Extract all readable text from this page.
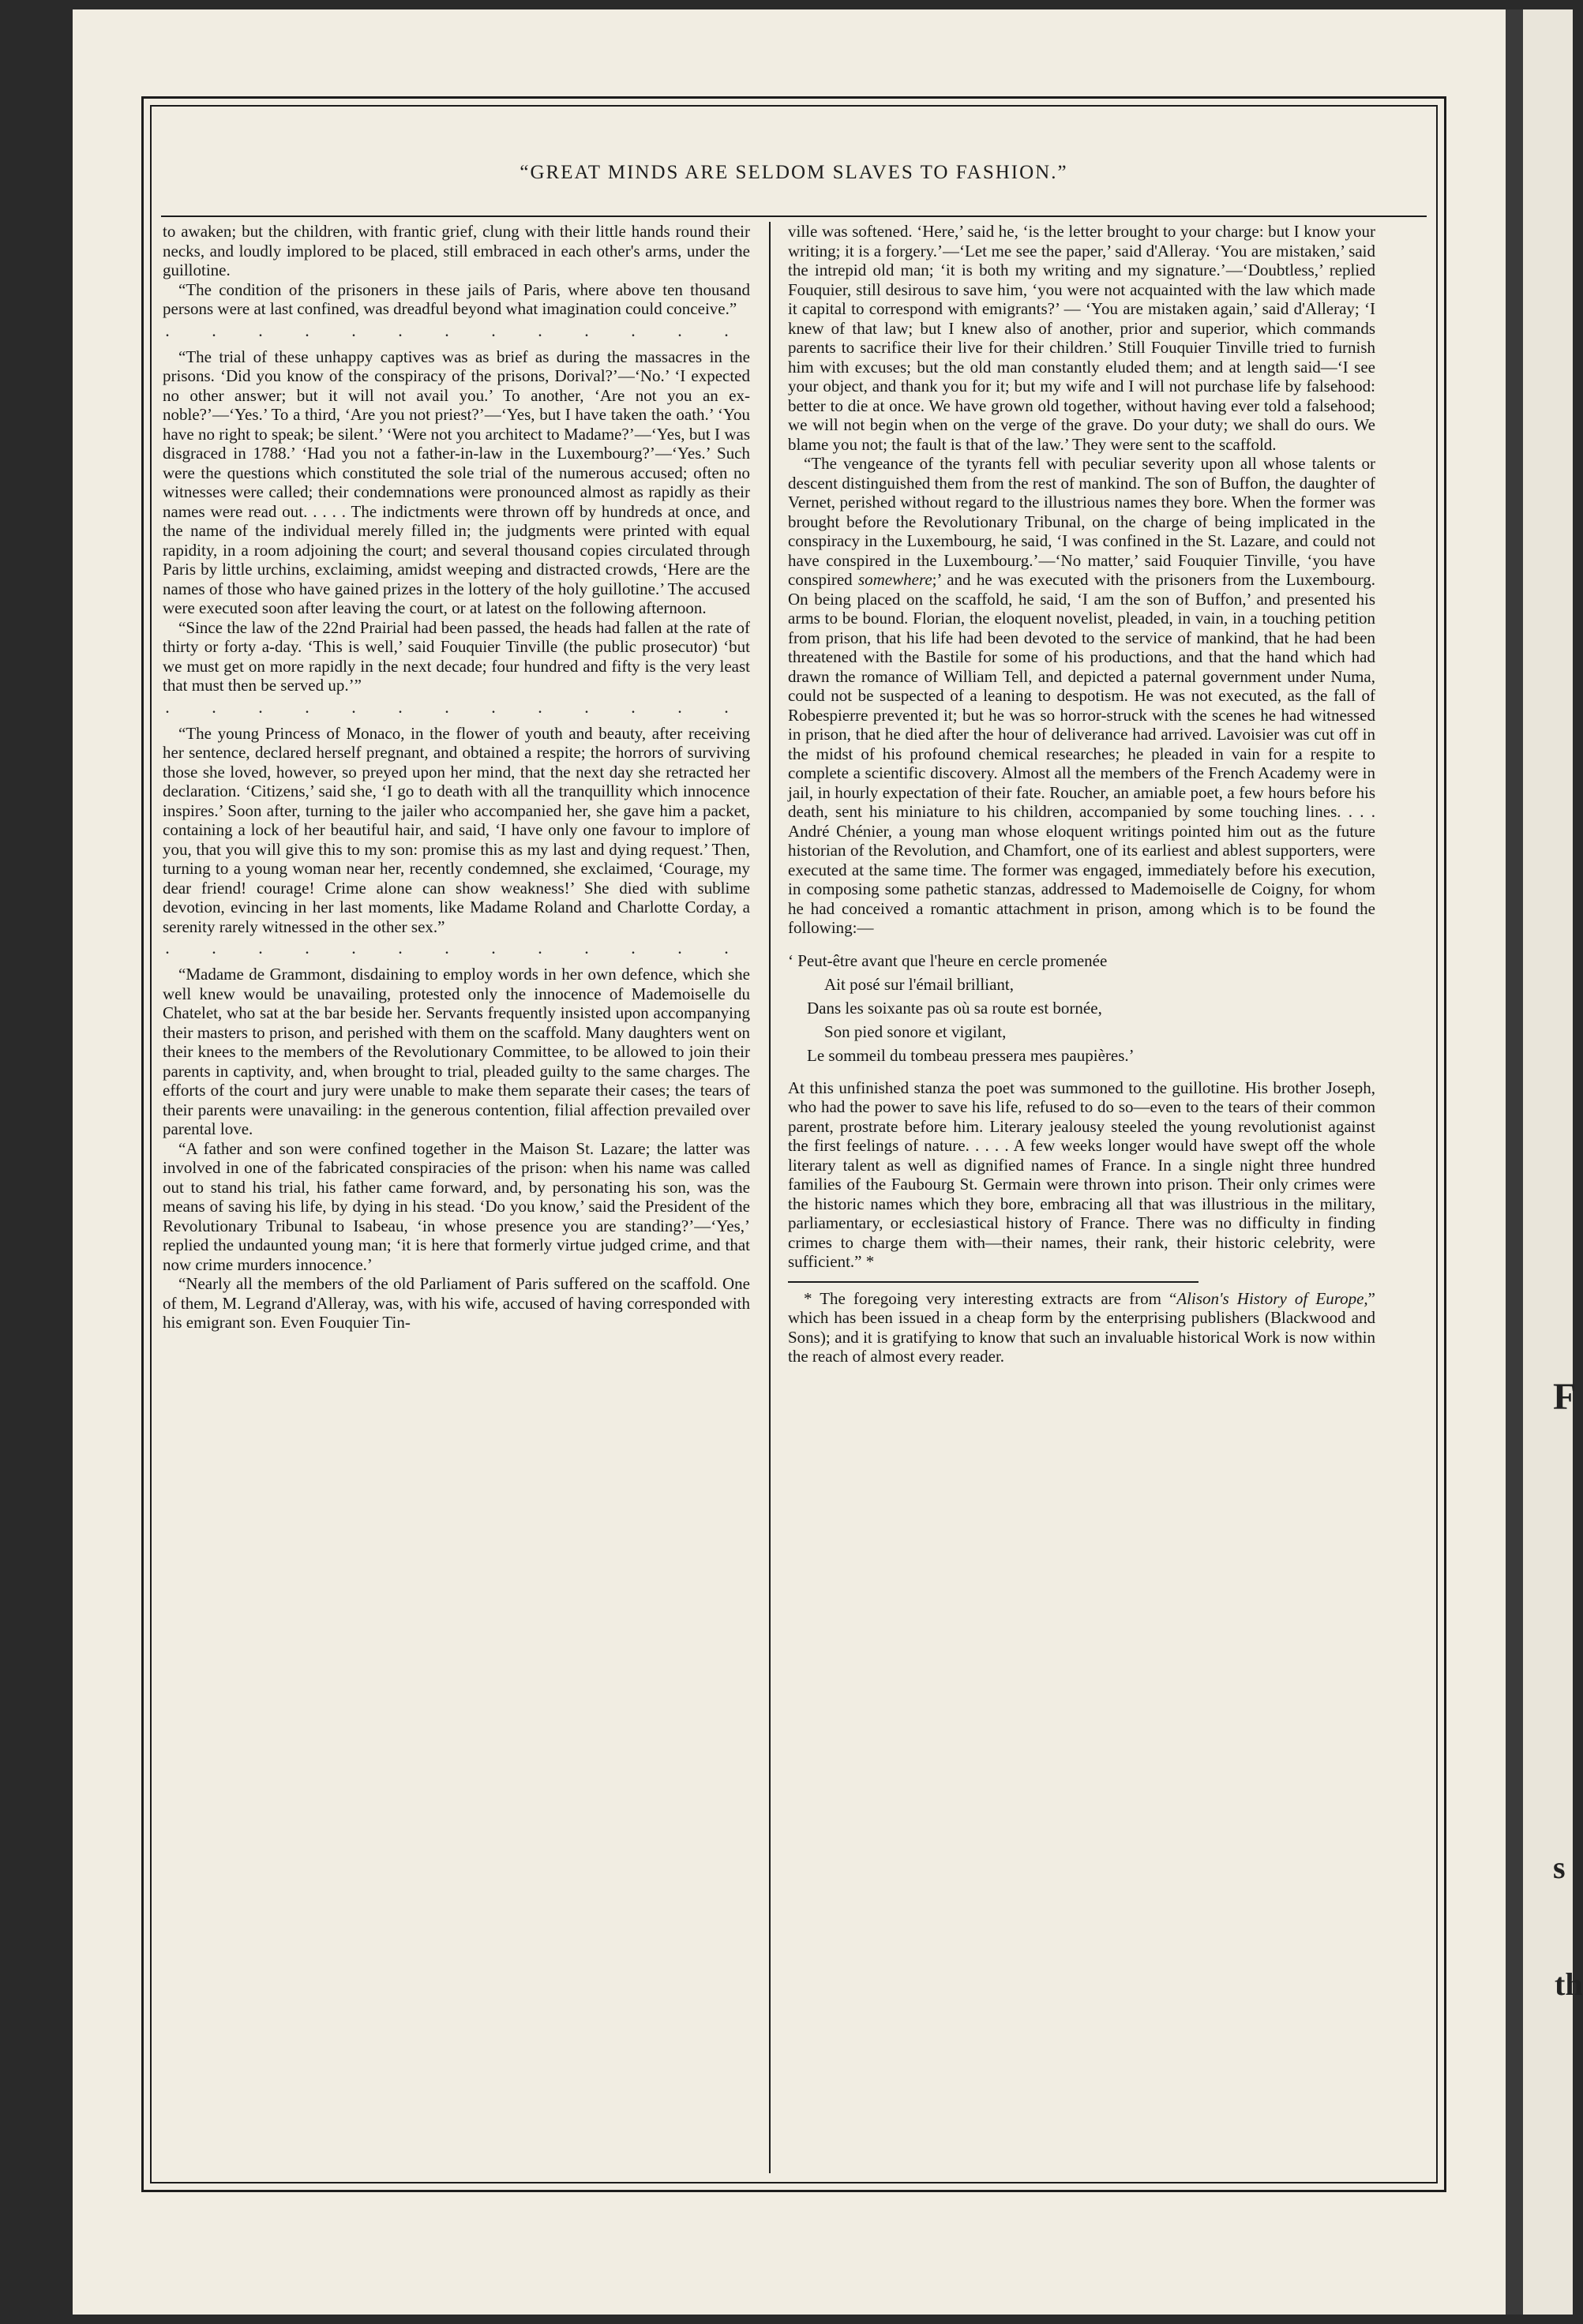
“GREAT MINDS ARE SELDOM SLAVES TO FASHION.”

to awaken; but the children, with frantic grief, clung with their little hands round their necks, and loudly implored to be placed, still embraced in each other's arms, under the guillotine.

“The condition of the prisoners in these jails of Paris, where above ten thousand persons were at last confined, was dreadful beyond what imagination could conceive.”

. . . . . . . . . . . . .

“The trial of these unhappy captives was as brief as during the massacres in the prisons. ‘Did you know of the conspiracy of the prisons, Dorival?’—‘No.’ ‘I expected no other answer; but it will not avail you.’ To another, ‘Are not you an ex-noble?’—‘Yes.’ To a third, ‘Are you not priest?’—‘Yes, but I have taken the oath.’ ‘You have no right to speak; be silent.’ ‘Were not you architect to Madame?’—‘Yes, but I was disgraced in 1788.’ ‘Had you not a father-in-law in the Luxembourg?’—‘Yes.’ Such were the questions which constituted the sole trial of the numerous accused; often no witnesses were called; their condemnations were pronounced almost as rapidly as their names were read out. . . . . The indictments were thrown off by hundreds at once, and the name of the individual merely filled in; the judgments were printed with equal rapidity, in a room adjoining the court; and several thousand copies circulated through Paris by little urchins, exclaiming, amidst weeping and distracted crowds, ‘Here are the names of those who have gained prizes in the lottery of the holy guillotine.’ The accused were executed soon after leaving the court, or at latest on the following afternoon.

“Since the law of the 22nd Prairial had been passed, the heads had fallen at the rate of thirty or forty a-day. ‘This is well,’ said Fouquier Tinville (the public prosecutor) ‘but we must get on more rapidly in the next decade; four hundred and fifty is the very least that must then be served up.’”

. . . . . . . . . . . . .

“The young Princess of Monaco, in the flower of youth and beauty, after receiving her sentence, declared herself pregnant, and obtained a respite; the horrors of surviving those she loved, however, so preyed upon her mind, that the next day she retracted her declaration. ‘Citizens,’ said she, ‘I go to death with all the tranquillity which innocence inspires.’ Soon after, turning to the jailer who accompanied her, she gave him a packet, containing a lock of her beautiful hair, and said, ‘I have only one favour to implore of you, that you will give this to my son: promise this as my last and dying request.’ Then, turning to a young woman near her, recently condemned, she exclaimed, ‘Courage, my dear friend! courage! Crime alone can show weakness!’ She died with sublime devotion, evincing in her last moments, like Madame Roland and Charlotte Corday, a serenity rarely witnessed in the other sex.”

. . . . . . . . . . . . .

“Madame de Grammont, disdaining to employ words in her own defence, which she well knew would be unavailing, protested only the innocence of Mademoiselle du Chatelet, who sat at the bar beside her. Servants frequently insisted upon accompanying their masters to prison, and perished with them on the scaffold. Many daughters went on their knees to the members of the Revolutionary Committee, to be allowed to join their parents in captivity, and, when brought to trial, pleaded guilty to the same charges. The efforts of the court and jury were unable to make them separate their cases; the tears of their parents were unavailing: in the generous contention, filial affection prevailed over parental love.

“A father and son were confined together in the Maison St. Lazare; the latter was involved in one of the fabricated conspiracies of the prison: when his name was called out to stand his trial, his father came forward, and, by personating his son, was the means of saving his life, by dying in his stead. ‘Do you know,’ said the President of the Revolutionary Tribunal to Isabeau, ‘in whose presence you are standing?’—‘Yes,’ replied the undaunted young man; ‘it is here that formerly virtue judged crime, and that now crime murders innocence.’

“Nearly all the members of the old Parliament of Paris suffered on the scaffold. One of them, M. Legrand d'Alleray, was, with his wife, accused of having corresponded with his emigrant son. Even Fouquier Tin-

ville was softened. ‘Here,’ said he, ‘is the letter brought to your charge: but I know your writing; it is a forgery.’—‘Let me see the paper,’ said d'Alleray. ‘You are mistaken,’ said the intrepid old man; ‘it is both my writing and my signature.’—‘Doubtless,’ replied Fouquier, still desirous to save him, ‘you were not acquainted with the law which made it capital to correspond with emigrants?’ — ‘You are mistaken again,’ said d'Alleray; ‘I knew of that law; but I knew also of another, prior and superior, which commands parents to sacrifice their live for their children.’ Still Fouquier Tinville tried to furnish him with excuses; but the old man constantly eluded them; and at length said—‘I see your object, and thank you for it; but my wife and I will not purchase life by falsehood: better to die at once. We have grown old together, without having ever told a falsehood; we will not begin when on the verge of the grave. Do your duty; we shall do ours. We blame you not; the fault is that of the law.’ They were sent to the scaffold.

“The vengeance of the tyrants fell with peculiar severity upon all whose talents or descent distinguished them from the rest of mankind. The son of Buffon, the daughter of Vernet, perished without regard to the illustrious names they bore. When the former was brought before the Revolutionary Tribunal, on the charge of being implicated in the conspiracy in the Luxembourg, he said, ‘I was confined in the St. Lazare, and could not have conspired in the Luxembourg.’—‘No matter,’ said Fouquier Tinville, ‘you have conspired somewhere;’ and he was executed with the prisoners from the Luxembourg. On being placed on the scaffold, he said, ‘I am the son of Buffon,’ and presented his arms to be bound. Florian, the eloquent novelist, pleaded, in vain, in a touching petition from prison, that his life had been devoted to the service of mankind, that he had been threatened with the Bastile for some of his productions, and that the hand which had drawn the romance of William Tell, and depicted a paternal government under Numa, could not be suspected of a leaning to despotism. He was not executed, as the fall of Robespierre prevented it; but he was so horror-struck with the scenes he had witnessed in prison, that he died after the hour of deliverance had arrived. Lavoisier was cut off in the midst of his profound chemical researches; he pleaded in vain for a respite to complete a scientific discovery. Almost all the members of the French Academy were in jail, in hourly expectation of their fate. Roucher, an amiable poet, a few hours before his death, sent his miniature to his children, accompanied by some touching lines. . . . André Chénier, a young man whose eloquent writings pointed him out as the future historian of the Revolution, and Chamfort, one of its earliest and ablest supporters, were executed at the same time. The former was engaged, immediately before his execution, in composing some pathetic stanzas, addressed to Mademoiselle de Coigny, for whom he had conceived a romantic attachment in prison, among which is to be found the following:—

‘ Peut-être avant que l'heure en cercle promenée
Ait posé sur l'émail brilliant,
Dans les soixante pas où sa route est bornée,
Son pied sonore et vigilant,
Le sommeil du tombeau pressera mes paupières.’

At this unfinished stanza the poet was summoned to the guillotine. His brother Joseph, who had the power to save his life, refused to do so—even to the tears of their common parent, prostrate before him. Literary jealousy steeled the young revolutionist against the first feelings of nature. . . . . A few weeks longer would have swept off the whole literary talent as well as dignified names of France. In a single night three hundred families of the Faubourg St. Germain were thrown into prison. Their only crimes were the historic names which they bore, embracing all that was illustrious in the military, parliamentary, or ecclesiastical history of France. There was no difficulty in finding crimes to charge them with—their names, their rank, their historic celebrity, were sufficient.” *

* The foregoing very interesting extracts are from “Alison's History of Europe,” which has been issued in a cheap form by the enterprising publishers (Blackwood and Sons); and it is gratifying to know that such an invaluable historical Work is now within the reach of almost every reader.

F
s
th
